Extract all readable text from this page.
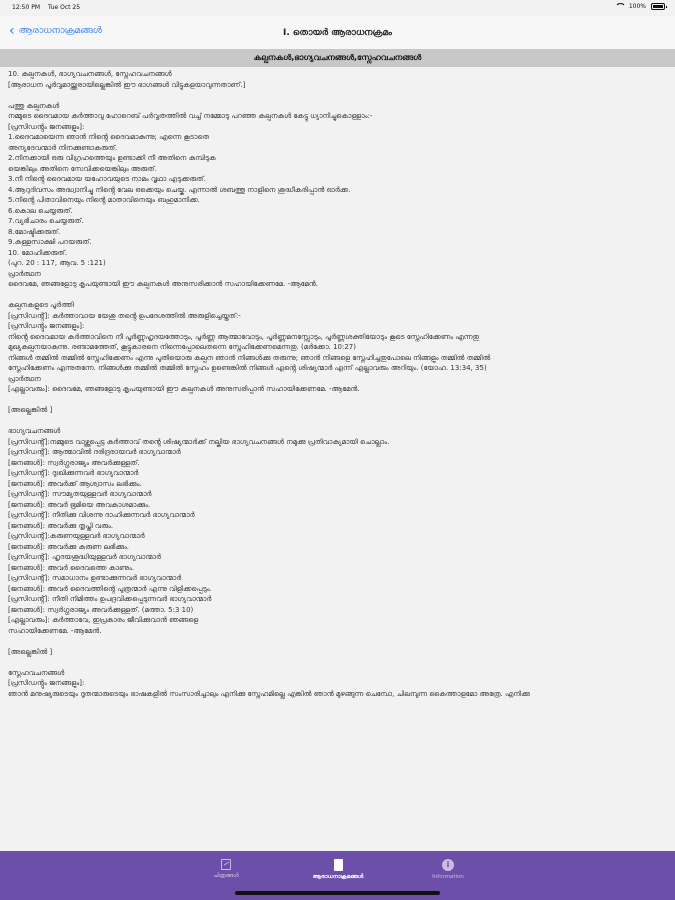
12:50 PM Tue Oct 25	100%
‹ ആരാധനാക്രമങ്ങൾ	I. തൊയർ ആരാധനക്രമം
കല്പനകൾ,ഭാഗ്യവചനങ്ങൾ,സ്നേഹവചനങ്ങൾ
10. കല്പനകൾ, ഭാഗ്യവചനങ്ങൾ, സ്നേഹവചനങ്ങൾ
[ആരാധന പൂർവ്വമായ്ത്തരായില്ലെങ്കിൽ ഈ ഭാഗങ്ങൾ വിട്ടുകളയാവുന്നതാണ്.]
പത്തു കല്പനകൾ
നമ്മുടെ ദൈവമായ കർത്താവു ഹോറെബ് പർവ്വതത്തിൽ വച്ച് നമ്മോടു പറഞ്ഞ കല്പനകൾ കേട്ടു ധ്യാനിച്ചുകൊള്ളാം:-
[പ്രസിഡൻ്റും ജനങ്ങളും]:
1.ദൈവമായെന്ന ഞാൻ നിൻ്റെ ദൈവമാകുന്നു; എന്നെ കൂടാതെ
അന്യദേവന്മാർ നിനക്കുണ്ടാകരുത്.
2.നിനക്കായി ഒരു വിഗ്രഹത്തെയും ഉണ്ടാക്കി നീ അതിനെ കുമ്പിടുക
യെങ്കിലും അതിനെ സേവിക്കയെങ്കിലും അരുത്.
3.നീ നിൻ്റെ ദൈവമായ യഹോവയുടെ നാമം വൃഥാ എടുക്കരുത്.
4.ആറുദിവസം അദ്ധ്വാനിച്ചു നിൻ്റെ വേല ഒക്കെയും ചെയ്ക. എന്നാൽ ശബത്തു നാളിനെ ശുദ്ധീകരിപ്പാൻ ഓർക്ക.
5.നിൻ്റെ പിതാവിനെയും നിൻ്റെ മാതാവിനെയും ബഹുമാനിക്ക.
6.കൊല ചെയ്യരുത്.
7.വ്യഭിചാരം ചെയ്യരുത്.
8.മോഷ്ടിക്കരുത്.
9.കള്ളസാക്ഷി പറയരുത്.
10. മോഹിക്കരുത്.
(പുറ. 20 : 117, ആവ. 5 :121)
പ്രാർത്ഥന
ദൈവമേ, ഞങ്ങളോടു കൃപയുണ്ടായി ഈ കല്പനകൾ അനുസരിക്കാൻ സഹായിക്കേണമേ. -ആമേൻ.
കല്പനകളുടെ പൂർത്തി
[പ്രസിഡൻ്റ്]: കർത്താവായ യേശു തൻ്റെ ഉപദേശത്തിൽ അരുളിച്ചെയ്തത്:-
[പ്രസിഡൻ്റും ജനങ്ങളും]:
നിൻ്റെ ദൈവമായ കർത്താവിനെ നീ പൂർണ്ണഹൃദയത്തോടും, പൂർണ്ണ ആത്മാവോടും, പൂർണ്ണമനസ്സോടും, പൂർണ്ണശക്തിയോടും കൂടെ സ്നേഹിക്കേണം എന്നതു
മുഖ്യകല്പനയാകുന്നു. രണ്ടാമത്തേത്, കൂട്ടുകാരനെ നിന്നെപ്പോലെതന്നെ സ്നേഹിക്കേണമെന്നതു. (മർക്കോ. 10:27)
നിങ്ങൾ തമ്മിൽ തമ്മിൽ സ്നേഹിക്കേണം എന്നു പുതിയൊരു കല്പന ഞാൻ നിങ്ങൾക്കു തരുന്നു; ഞാൻ നിങ്ങളെ സ്നേഹിച്ചതുപോലെ നിങ്ങളും തമ്മിൽ തമ്മിൽ
സ്നേഹിക്കേണം എന്നുതന്നേ. നിങ്ങൾക്കു തമ്മിൽ തമ്മിൽ സ്നേഹം ഉണ്ടെങ്കിൽ നിങ്ങൾ എൻ്റെ ശിഷ്യന്മാർ എന്ന് എല്ലാവരും അറിയും. (യോഹ. 13:34, 35)
പ്രാർത്ഥന
[എല്ലാവരും]: ദൈവമേ, ഞങ്ങളോടു കൃപയുണ്ടായി ഈ കല്പനകൾ അനുസരിപ്പാൻ സഹായിക്കേണമേ. -ആമേൻ.
[അല്ലെങ്കിൽ ]
ഭാഗ്യവചനങ്ങൾ
[പ്രസിഡൻ്റ്]:നമ്മുടെ വാഴ്ത്തപ്പെട്ട കർത്താവ് തൻ്റെ ശിഷ്യന്മാർക്ക് നല്കിയ ഭാഗ്യവചനങ്ങൾ നമുക്കു പ്രതിവാക്യമായി ചൊല്ലാം.
[പ്രസിഡൻ്റ്]: ആത്മാവിൽ ദരിദ്രരായവർ ഭാഗ്യവാന്മാർ
[ജനങ്ങൾ]: സ്വർഗ്ഗരാജ്യം അവർക്കുള്ളത്.
[പ്രസിഡൻ്റ്]: ദുഃഖിക്കുന്നവർ ഭാഗ്യവാന്മാർ
[ജനങ്ങൾ]: അവർക്ക് ആശ്വാസം ലഭിക്കും.
[പ്രസിഡൻ്റ്]: സൗമ്യതയുള്ളവർ ഭാഗ്യവാന്മാർ
[ജനങ്ങൾ]: അവർ ഭൂമിയെ അവകാശമാക്കും.
[പ്രസിഡൻ്റ്]: നീതിക്കു വിശന്നു ദാഹിക്കുന്നവർ ഭാഗ്യവാന്മാർ
[ജനങ്ങൾ]: അവർക്കു തൃപ്തി വരും.
[പ്രസിഡൻ്റ്]:കരുണയുള്ളവർ ഭാഗ്യവാന്മാർ
[ജനങ്ങൾ]: അവർക്കു കരുണ ലഭിക്കും.
[പ്രസിഡൻ്റ്]: ഹൃദയശുദ്ധിയുള്ളവർ ഭാഗ്യവാന്മാർ
[ജനങ്ങൾ]: അവർ ദൈവത്തെ കാണും.
[പ്രസിഡൻ്റ്]: സമാധാനം ഉണ്ടാക്കുന്നവർ ഭാഗ്യവാന്മാർ
[ജനങ്ങൾ]: അവർ ദൈവത്തിൻ്റെ പുത്രന്മാർ എന്നു വിളിക്കപ്പെടും.
[പ്രസിഡൻ്റ്]: നീതി നിമിത്തം ഉപദ്രവിക്കപ്പെടുന്നവർ ഭാഗ്യവാന്മാർ
[ജനങ്ങൾ]: സ്വർഗ്ഗരാജ്യം അവർക്കുള്ളത്. (മത്താ. 5:3 10)
[എല്ലാവരും]: കർത്താവേ, ഇപ്രകാരം ജീവിക്കുവാൻ ഞങ്ങളെ
സഹായിക്കേണമേ. -ആമേൻ.
[അല്ലെങ്കിൽ ]
സ്നേഹവചനങ്ങൾ
[പ്രസിഡൻ്റും ജനങ്ങളും]:
ഞാൻ മനുഷ്യരുടെയും ദൂതന്മാരുടെയും ഭാഷകളിൽ സംസാരിച്ചാലും എനിക്കു സ്നേഹമില്ലെ എങ്കിൽ ഞാൻ മുഴങ്ങുന്ന ചെമ്പോ, ചിലമ്പുന്ന കൈത്താളമോ അത്രേ. എനിക്കു
ചിത്രങ്ങൾ	ആരാധനാക്രമങ്ങൾ
i
Information
